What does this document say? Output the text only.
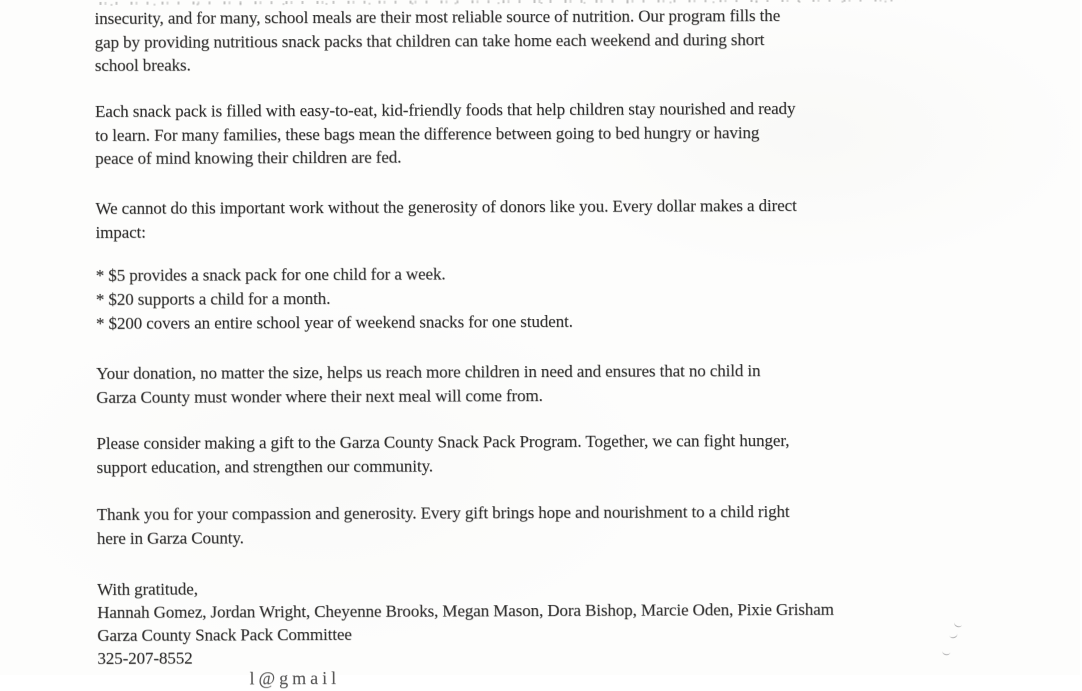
insecurity, and for many, school meals are their most reliable source of nutrition. Our program fills the
gap by providing nutritious snack packs that children can take home each weekend and during short
school breaks.
Each snack pack is filled with easy-to-eat, kid-friendly foods that help children stay nourished and ready
to learn. For many families, these bags mean the difference between going to bed hungry or having
peace of mind knowing their children are fed.
We cannot do this important work without the generosity of donors like you. Every dollar makes a direct
impact:
* $5 provides a snack pack for one child for a week.
* $20 supports a child for a month.
* $200 covers an entire school year of weekend snacks for one student.
Your donation, no matter the size, helps us reach more children in need and ensures that no child in
Garza County must wonder where their next meal will come from.
Please consider making a gift to the Garza County Snack Pack Program. Together, we can fight hunger,
support education, and strengthen our community.
Thank you for your compassion and generosity. Every gift brings hope and nourishment to a child right
here in Garza County.
With gratitude,
Hannah Gomez, Jordan Wright, Cheyenne Brooks, Megan Mason, Dora Bishop, Marcie Oden, Pixie Grisham
Garza County Snack Pack Committee
325-207-8552
l@gmail
